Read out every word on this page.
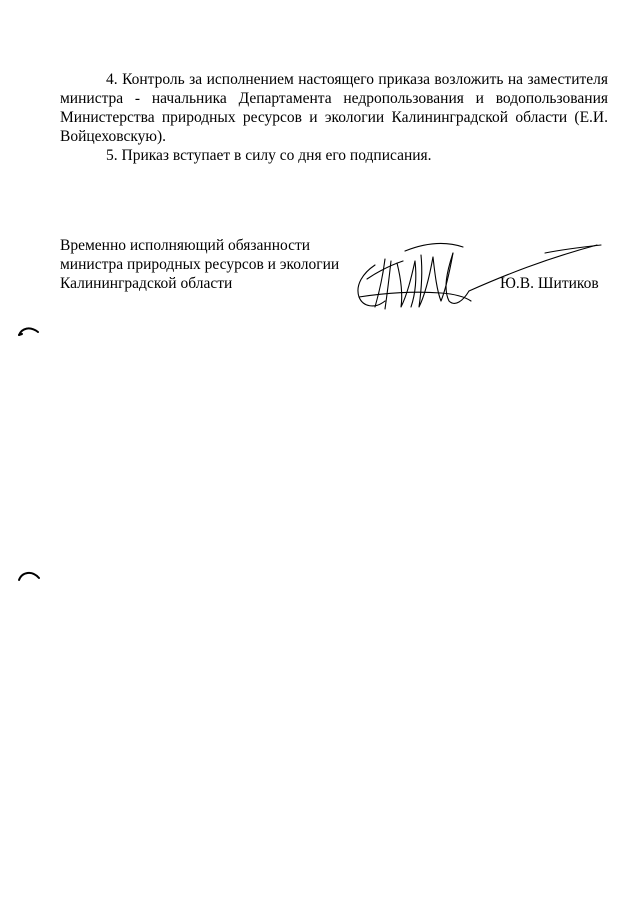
4. Контроль за исполнением настоящего приказа возложить на заместителя министра - начальника Департамента недропользования и водопользования Министерства природных ресурсов и экологии Калининградской области (Е.И. Войцеховскую).

5. Приказ вступает в силу со дня его подписания.

Временно исполняющий обязанности
министра природных ресурсов и экологии
Калининградской области	Ю.В. Шитиков
